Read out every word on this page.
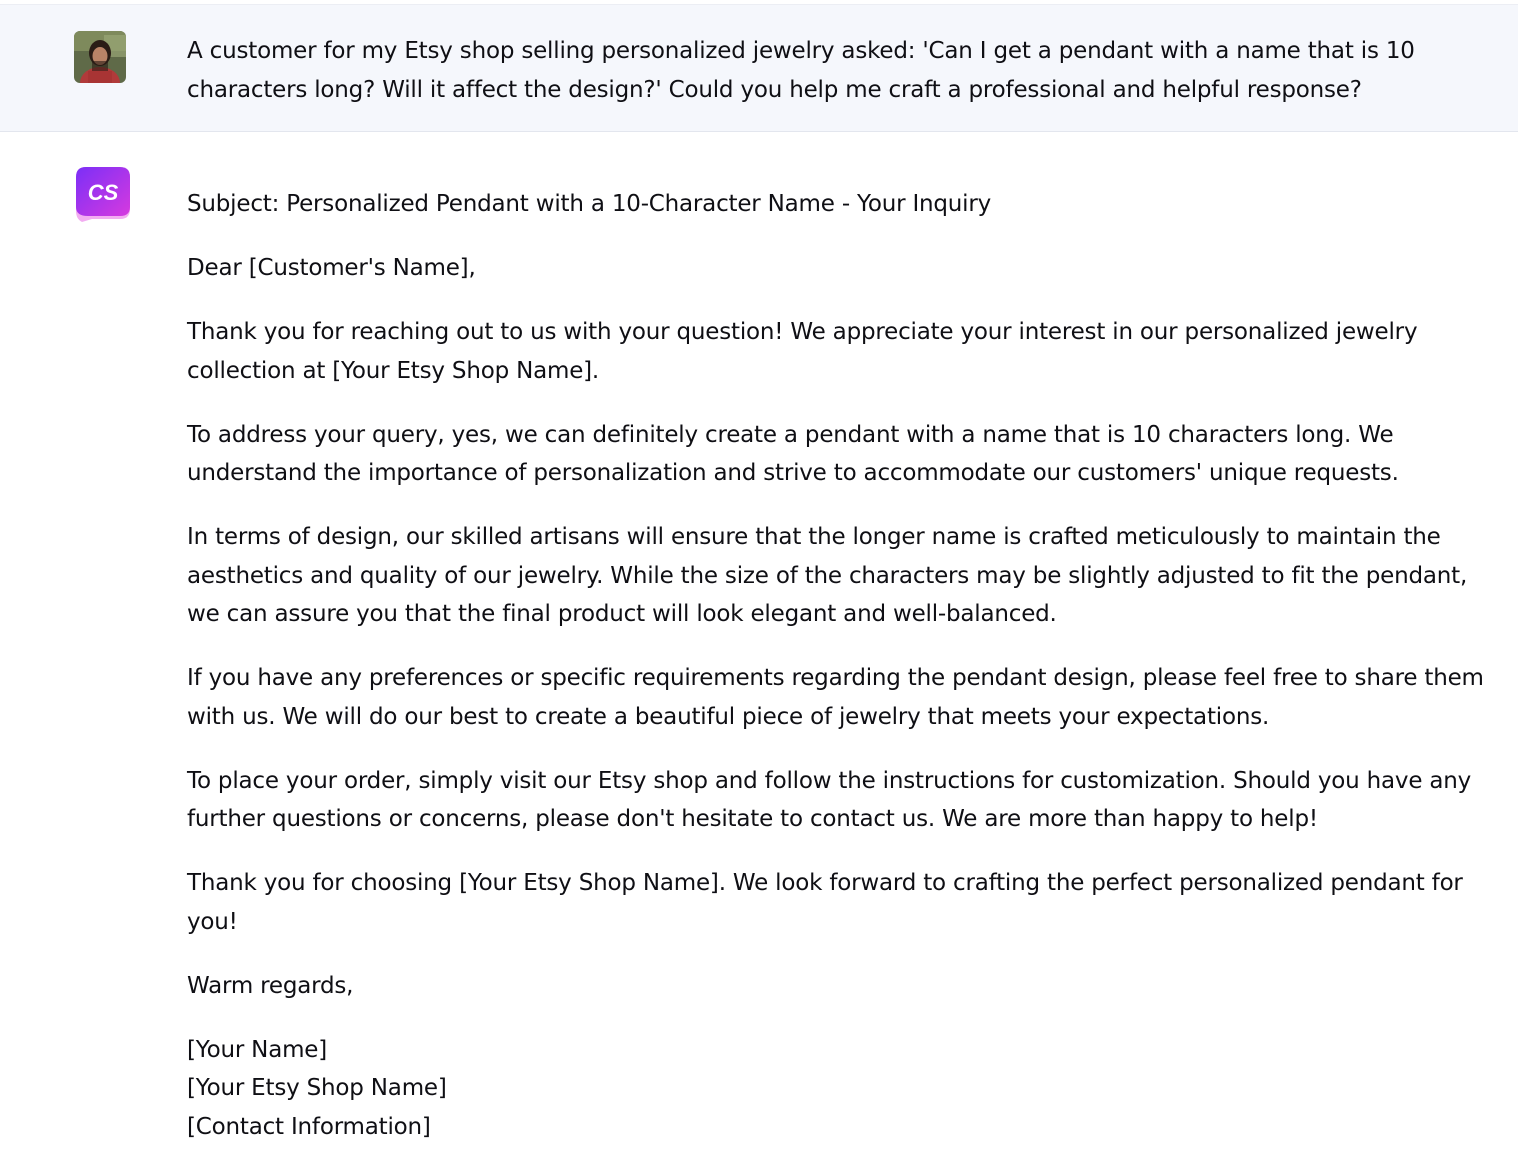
A customer for my Etsy shop selling personalized jewelry asked: 'Can I get a pendant with a name that is 10 characters long? Will it affect the design?' Could you help me craft a professional and helpful response?

CS	Subject: Personalized Pendant with a 10-Character Name - Your Inquiry

Dear [Customer's Name],

Thank you for reaching out to us with your question! We appreciate your interest in our personalized jewelry collection at [Your Etsy Shop Name].

To address your query, yes, we can definitely create a pendant with a name that is 10 characters long. We understand the importance of personalization and strive to accommodate our customers' unique requests.

In terms of design, our skilled artisans will ensure that the longer name is crafted meticulously to maintain the aesthetics and quality of our jewelry. While the size of the characters may be slightly adjusted to fit the pendant, we can assure you that the final product will look elegant and well-balanced.

If you have any preferences or specific requirements regarding the pendant design, please feel free to share them with us. We will do our best to create a beautiful piece of jewelry that meets your expectations.

To place your order, simply visit our Etsy shop and follow the instructions for customization. Should you have any further questions or concerns, please don't hesitate to contact us. We are more than happy to help!

Thank you for choosing [Your Etsy Shop Name]. We look forward to crafting the perfect personalized pendant for you!

Warm regards,

[Your Name]
[Your Etsy Shop Name]
[Contact Information]
